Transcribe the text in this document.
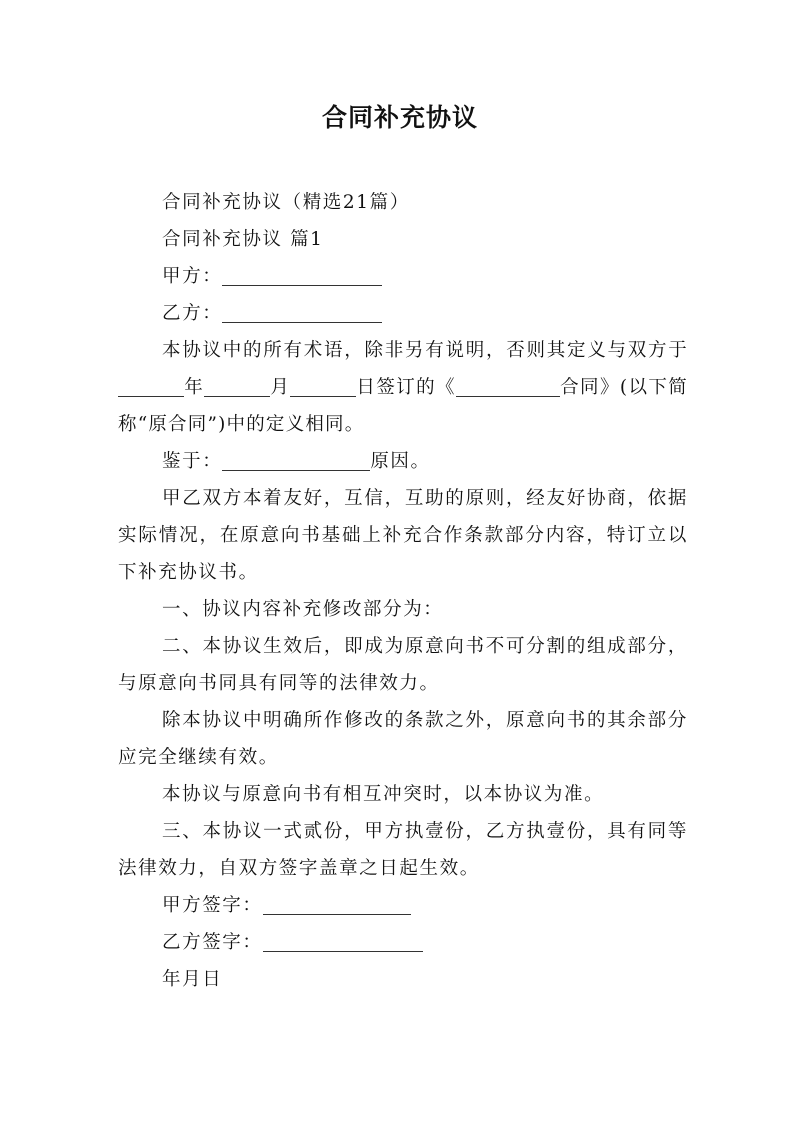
合同补充协议

合同补充协议（精选21篇）

合同补充协议 篇1

甲方：

乙方：

本协议中的所有术语，除非另有说明，否则其定义与双方于年	月	日签订的《	合同》(以下简称“原合同”)中的定义相同。

鉴于：	原因。

甲乙双方本着友好，互信，互助的原则，经友好协商，依据实际情况，在原意向书基础上补充合作条款部分内容，特订立以下补充协议书。

一、协议内容补充修改部分为：

二、本协议生效后，即成为原意向书不可分割的组成部分，与原意向书同具有同等的法律效力。

除本协议中明确所作修改的条款之外，原意向书的其余部分应完全继续有效。

本协议与原意向书有相互冲突时，以本协议为准。

三、本协议一式贰份，甲方执壹份，乙方执壹份，具有同等法律效力，自双方签字盖章之日起生效。

甲方签字：

乙方签字：

年月日
